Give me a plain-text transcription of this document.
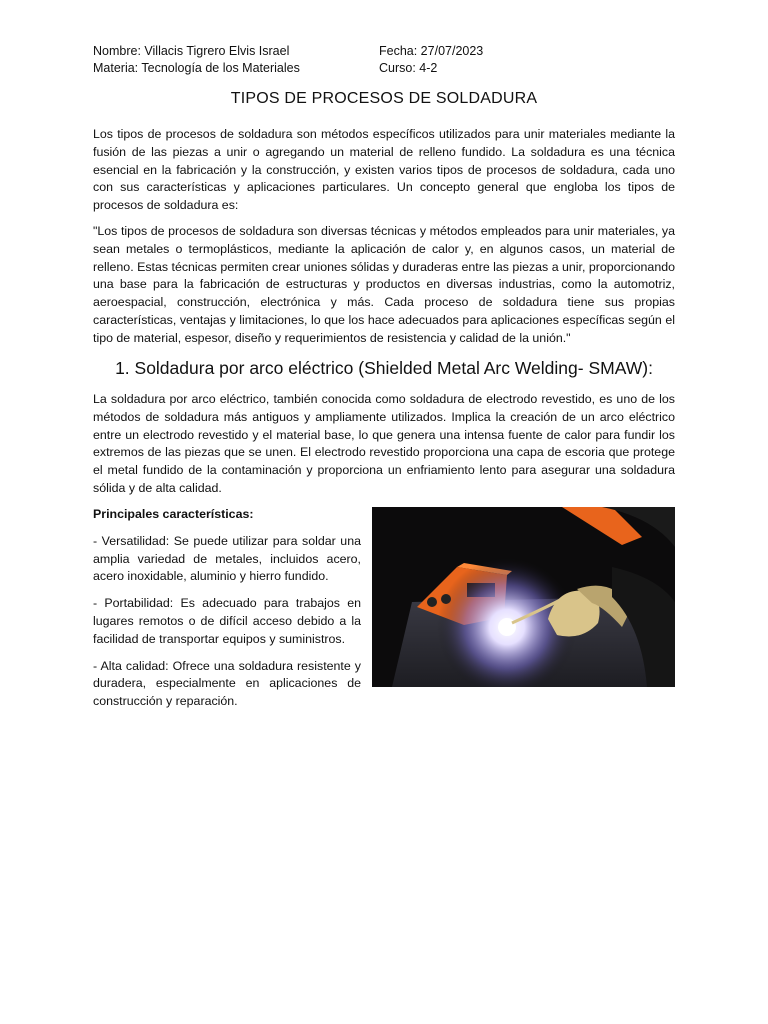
Nombre: Villacis Tigrero Elvis Israel	Fecha: 27/07/2023
Materia: Tecnología de los Materiales	Curso: 4-2
TIPOS DE PROCESOS DE SOLDADURA
Los tipos de procesos de soldadura son métodos específicos utilizados para unir materiales mediante la fusión de las piezas a unir o agregando un material de relleno fundido. La soldadura es una técnica esencial en la fabricación y la construcción, y existen varios tipos de procesos de soldadura, cada uno con sus características y aplicaciones particulares. Un concepto general que engloba los tipos de procesos de soldadura es:
"Los tipos de procesos de soldadura son diversas técnicas y métodos empleados para unir materiales, ya sean metales o termoplásticos, mediante la aplicación de calor y, en algunos casos, un material de relleno. Estas técnicas permiten crear uniones sólidas y duraderas entre las piezas a unir, proporcionando una base para la fabricación de estructuras y productos en diversas industrias, como la automotriz, aeroespacial, construcción, electrónica y más. Cada proceso de soldadura tiene sus propias características, ventajas y limitaciones, lo que los hace adecuados para aplicaciones específicas según el tipo de material, espesor, diseño y requerimientos de resistencia y calidad de la unión."
1. Soldadura por arco eléctrico (Shielded Metal Arc Welding- SMAW):
La soldadura por arco eléctrico, también conocida como soldadura de electrodo revestido, es uno de los métodos de soldadura más antiguos y ampliamente utilizados. Implica la creación de un arco eléctrico entre un electrodo revestido y el material base, lo que genera una intensa fuente de calor para fundir los extremos de las piezas que se unen. El electrodo revestido proporciona una capa de escoria que protege el metal fundido de la contaminación y proporciona un enfriamiento lento para asegurar una soldadura sólida y de alta calidad.
Principales características:

- Versatilidad: Se puede utilizar para soldar una amplia variedad de metales, incluidos acero, acero inoxidable, aluminio y hierro fundido.

- Portabilidad: Es adecuado para trabajos en lugares remotos o de difícil acceso debido a la facilidad de transportar equipos y suministros.

- Alta calidad: Ofrece una soldadura resistente y duradera, especialmente en aplicaciones de construcción y reparación.
